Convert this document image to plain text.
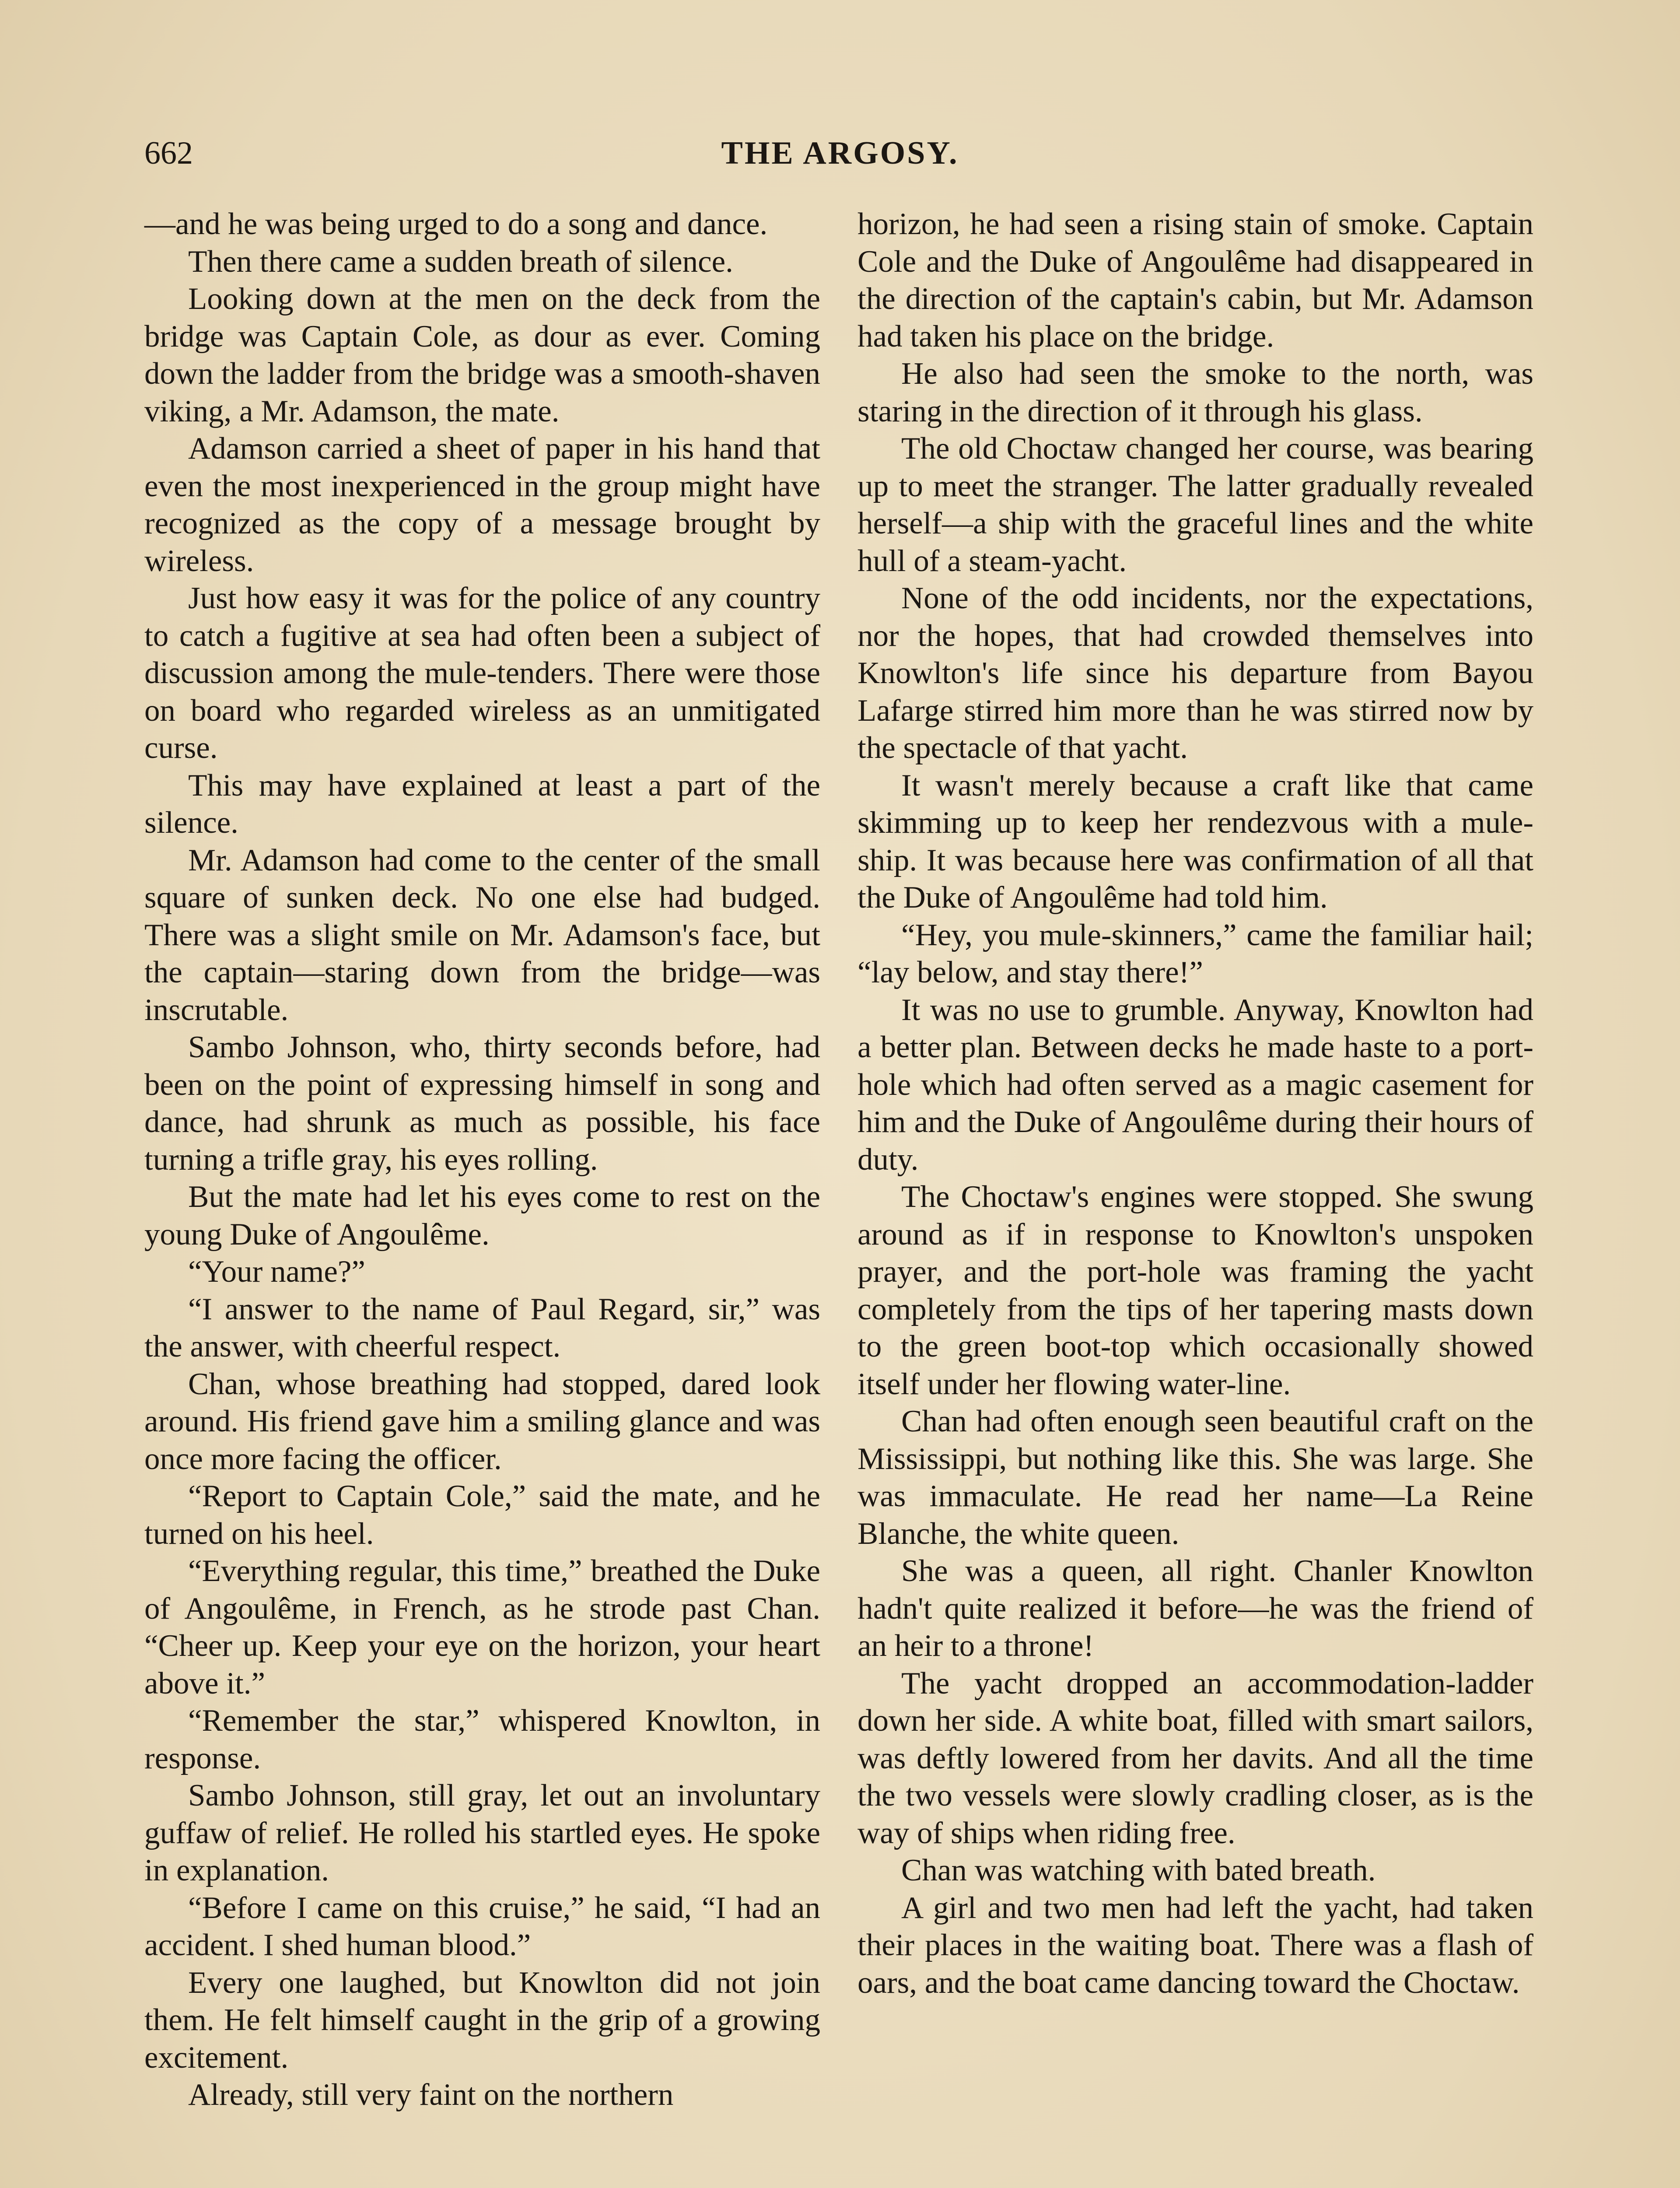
662	THE ARGOSY.

—and he was being urged to do a song and dance.

Then there came a sudden breath of silence.

Looking down at the men on the deck from the bridge was Captain Cole, as dour as ever. Coming down the ladder from the bridge was a smooth-shaven viking, a Mr. Adamson, the mate.

Adamson carried a sheet of paper in his hand that even the most inexperienced in the group might have recognized as the copy of a message brought by wireless.

Just how easy it was for the police of any country to catch a fugitive at sea had often been a subject of discussion among the mule-tenders. There were those on board who regarded wireless as an unmitigated curse.

This may have explained at least a part of the silence.

Mr. Adamson had come to the center of the small square of sunken deck. No one else had budged. There was a slight smile on Mr. Adamson's face, but the captain—staring down from the bridge—was inscrutable.

Sambo Johnson, who, thirty seconds before, had been on the point of expressing himself in song and dance, had shrunk as much as possible, his face turning a trifle gray, his eyes rolling.

But the mate had let his eyes come to rest on the young Duke of Angoulême.

“Your name?”

“I answer to the name of Paul Regard, sir,” was the answer, with cheerful respect.

Chan, whose breathing had stopped, dared look around. His friend gave him a smiling glance and was once more facing the officer.

“Report to Captain Cole,” said the mate, and he turned on his heel.

“Everything regular, this time,” breathed the Duke of Angoulême, in French, as he strode past Chan. “Cheer up. Keep your eye on the horizon, your heart above it.”

“Remember the star,” whispered Knowlton, in response.

Sambo Johnson, still gray, let out an involuntary guffaw of relief. He rolled his startled eyes. He spoke in explanation.

“Before I came on this cruise,” he said, “I had an accident. I shed human blood.”

Every one laughed, but Knowlton did not join them. He felt himself caught in the grip of a growing excitement.

Already, still very faint on the northern

horizon, he had seen a rising stain of smoke. Captain Cole and the Duke of Angoulême had disappeared in the direction of the captain's cabin, but Mr. Adamson had taken his place on the bridge.

He also had seen the smoke to the north, was staring in the direction of it through his glass.

The old Choctaw changed her course, was bearing up to meet the stranger. The latter gradually revealed herself—a ship with the graceful lines and the white hull of a steam-yacht.

None of the odd incidents, nor the expectations, nor the hopes, that had crowded themselves into Knowlton's life since his departure from Bayou Lafarge stirred him more than he was stirred now by the spectacle of that yacht.

It wasn't merely because a craft like that came skimming up to keep her rendezvous with a mule-ship. It was because here was confirmation of all that the Duke of Angoulême had told him.

“Hey, you mule-skinners,” came the familiar hail; “lay below, and stay there!”

It was no use to grumble. Anyway, Knowlton had a better plan. Between decks he made haste to a port-hole which had often served as a magic casement for him and the Duke of Angoulême during their hours of duty.

The Choctaw's engines were stopped. She swung around as if in response to Knowlton's unspoken prayer, and the port-hole was framing the yacht completely from the tips of her tapering masts down to the green boot-top which occasionally showed itself under her flowing water-line.

Chan had often enough seen beautiful craft on the Mississippi, but nothing like this. She was large. She was immaculate. He read her name—La Reine Blanche, the white queen.

She was a queen, all right. Chanler Knowlton hadn't quite realized it before—he was the friend of an heir to a throne!

The yacht dropped an accommodation-ladder down her side. A white boat, filled with smart sailors, was deftly lowered from her davits. And all the time the two vessels were slowly cradling closer, as is the way of ships when riding free.

Chan was watching with bated breath.

A girl and two men had left the yacht, had taken their places in the waiting boat. There was a flash of oars, and the boat came dancing toward the Choctaw.
